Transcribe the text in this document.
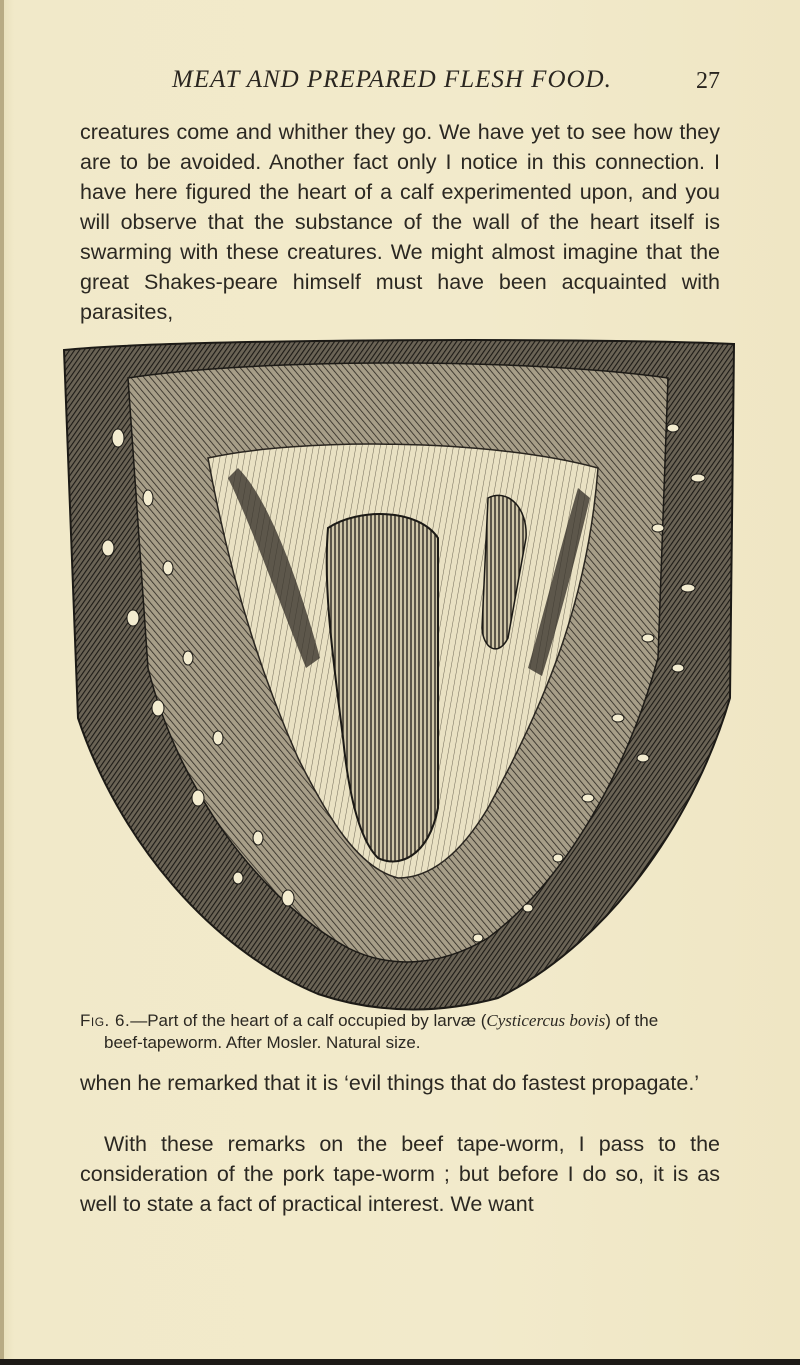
MEAT AND PREPARED FLESH FOOD.	27
creatures come and whither they go. We have yet to see how they are to be avoided. Another fact only I notice in this connection. I have here figured the heart of a calf experimented upon, and you will observe that the substance of the wall of the heart itself is swarming with these creatures. We might almost imagine that the great Shakes-peare himself must have been acquainted with parasites,
Fig. 6.—Part of the heart of a calf occupied by larvæ (Cysticercus bovis) of the
beef-tapeworm. After Mosler. Natural size.
when he remarked that it is ‘evil things that do fastest propagate.’
With these remarks on the beef tape-worm, I pass to the consideration of the pork tape-worm ; but before I do so, it is as well to state a fact of practical interest. We want
